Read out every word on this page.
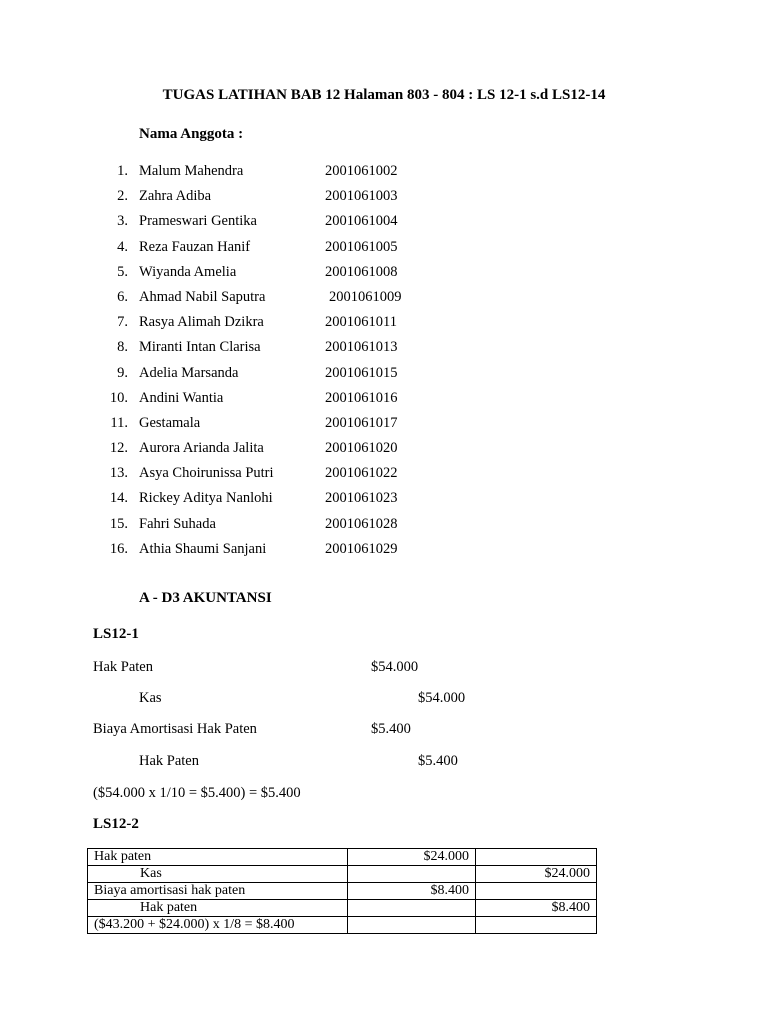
TUGAS LATIHAN BAB 12 Halaman 803 - 804 : LS 12-1 s.d LS12-14
Nama Anggota :
1. Malum Mahendra	2001061002
2. Zahra Adiba	2001061003
3. Prameswari Gentika	2001061004
4. Reza Fauzan Hanif	2001061005
5. Wiyanda Amelia	2001061008
6. Ahmad Nabil Saputra	2001061009
7. Rasya Alimah Dzikra	2001061011
8. Miranti Intan Clarisa	2001061013
9. Adelia Marsanda	2001061015
10. Andini Wantia	2001061016
11. Gestamala	2001061017
12. Aurora Arianda Jalita	2001061020
13. Asya Choirunissa Putri	2001061022
14. Rickey Aditya Nanlohi	2001061023
15. Fahri Suhada	2001061028
16. Athia Shaumi Sanjani	2001061029
A - D3 AKUNTANSI
LS12-1
Hak Paten	$54.000
Kas	$54.000
Biaya Amortisasi Hak Paten	$5.400
Hak Paten	$5.400
($54.000 x 1/10 = $5.400) = $5.400
LS12-2
Hak paten	$24.000	
Kas		$24.000
Biaya amortisasi hak paten	$8.400	
Hak paten		$8.400
($43.200 + $24.000) x 1/8 = $8.400		
